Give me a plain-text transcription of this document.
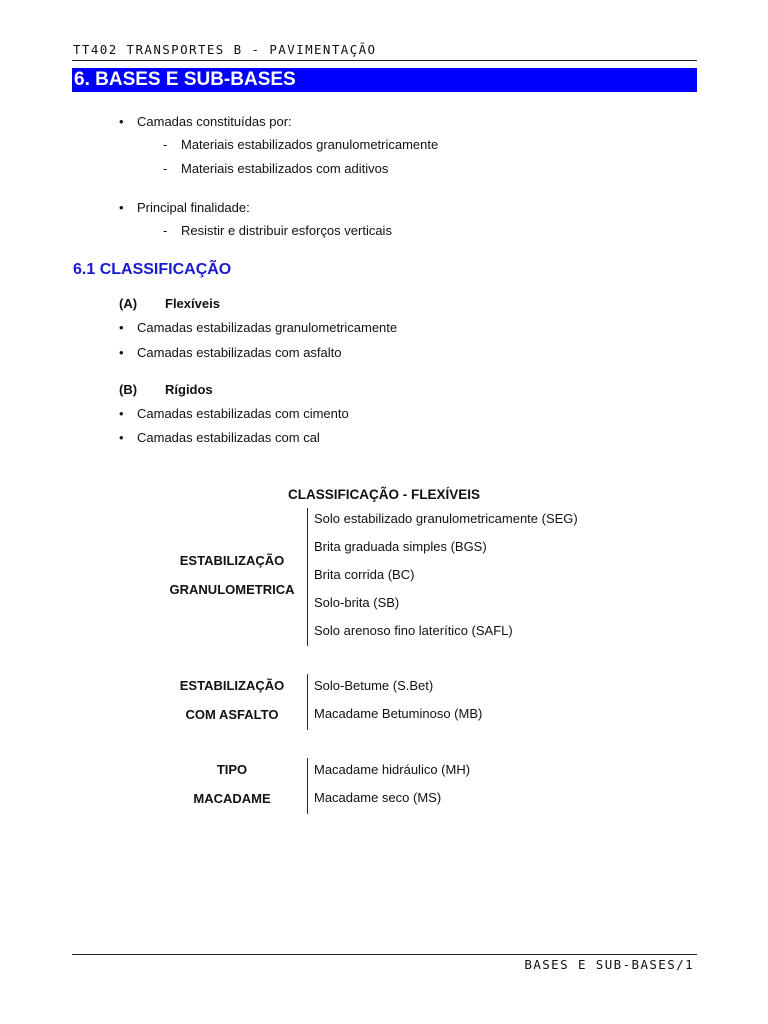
TT402 TRANSPORTES B - PAVIMENTAÇÃO
6. BASES E SUB-BASES
• Camadas constituídas por:
- Materiais estabilizados granulometricamente
- Materiais estabilizados com aditivos
• Principal finalidade:
- Resistir e distribuir esforços verticais
6.1 CLASSIFICAÇÃO
(A) Flexíveis
• Camadas estabilizadas granulometricamente
• Camadas estabilizadas com asfalto
(B) Rígidos
• Camadas estabilizadas com cimento
• Camadas estabilizadas com cal
CLASSIFICAÇÃO - FLEXÍVEIS
ESTABILIZAÇÃO
GRANULOMETRICA
Solo estabilizado granulometricamente (SEG)
Brita graduada simples (BGS)
Brita corrida (BC)
Solo-brita (SB)
Solo arenoso fino laterítico (SAFL)
ESTABILIZAÇÃO
COM ASFALTO
Solo-Betume (S.Bet)
Macadame Betuminoso (MB)
TIPO
MACADAME
Macadame hidráulico (MH)
Macadame seco (MS)
BASES E SUB-BASES/1
